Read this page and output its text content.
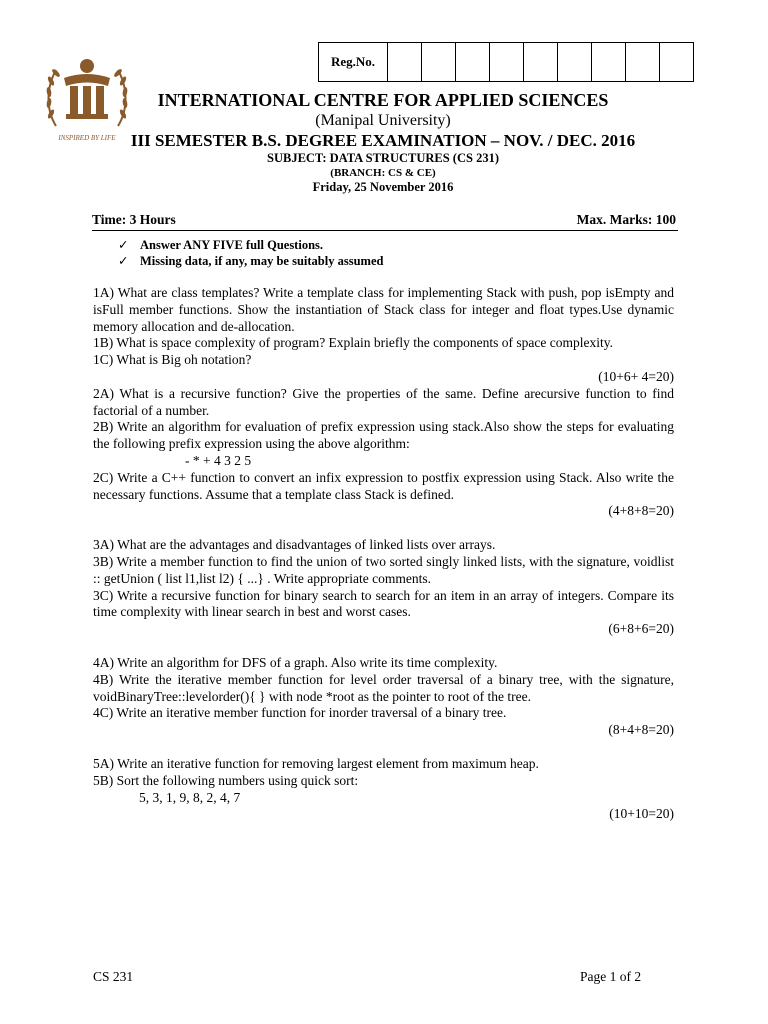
Reg.No.
INSPIRED BY LIFE
INTERNATIONAL CENTRE FOR APPLIED SCIENCES
(Manipal University)
III SEMESTER B.S. DEGREE EXAMINATION – NOV. / DEC. 2016
SUBJECT: DATA STRUCTURES (CS 231)
(BRANCH: CS & CE)
Friday, 25 November 2016
Time: 3 Hours	Max. Marks: 100
✓ Answer ANY FIVE full Questions.
✓ Missing data, if any, may be suitably assumed
1A) What are class templates? Write a template class for implementing Stack with push, pop isEmpty and isFull member functions. Show the instantiation of Stack class for integer and float types.Use dynamic memory allocation and de-allocation.
1B) What is space complexity of program? Explain briefly the components of space complexity.
1C) What is Big oh notation?
(10+6+ 4=20)
2A) What is a recursive function? Give the properties of the same. Define arecursive function to find factorial of a number.
2B) Write an algorithm for evaluation of prefix expression using stack.Also show the steps for evaluating the following prefix expression using the above algorithm:
- * + 4 3 2 5
2C) Write a C++ function to convert an infix expression to postfix expression using Stack. Also write the necessary functions. Assume that a template class Stack is defined.
(4+8+8=20)
3A) What are the advantages and disadvantages of linked lists over arrays.
3B) Write a member function to find the union of two sorted singly linked lists, with the signature, voidlist :: getUnion ( list l1,list l2) { ...} . Write appropriate comments.
3C) Write a recursive function for binary search to search for an item in an array of integers. Compare its time complexity with linear search in best and worst cases.
(6+8+6=20)
4A) Write an algorithm for DFS of a graph. Also write its time complexity.
4B) Write the iterative member function for level order traversal of a binary tree, with the signature, voidBinaryTree::levelorder(){ } with node *root as the pointer to root of the tree.
4C) Write an iterative member function for inorder traversal of a binary tree.
(8+4+8=20)
5A) Write an iterative function for removing largest element from maximum heap.
5B) Sort the following numbers using quick sort:
5, 3, 1, 9, 8, 2, 4, 7
(10+10=20)
CS 231	Page 1 of 2
